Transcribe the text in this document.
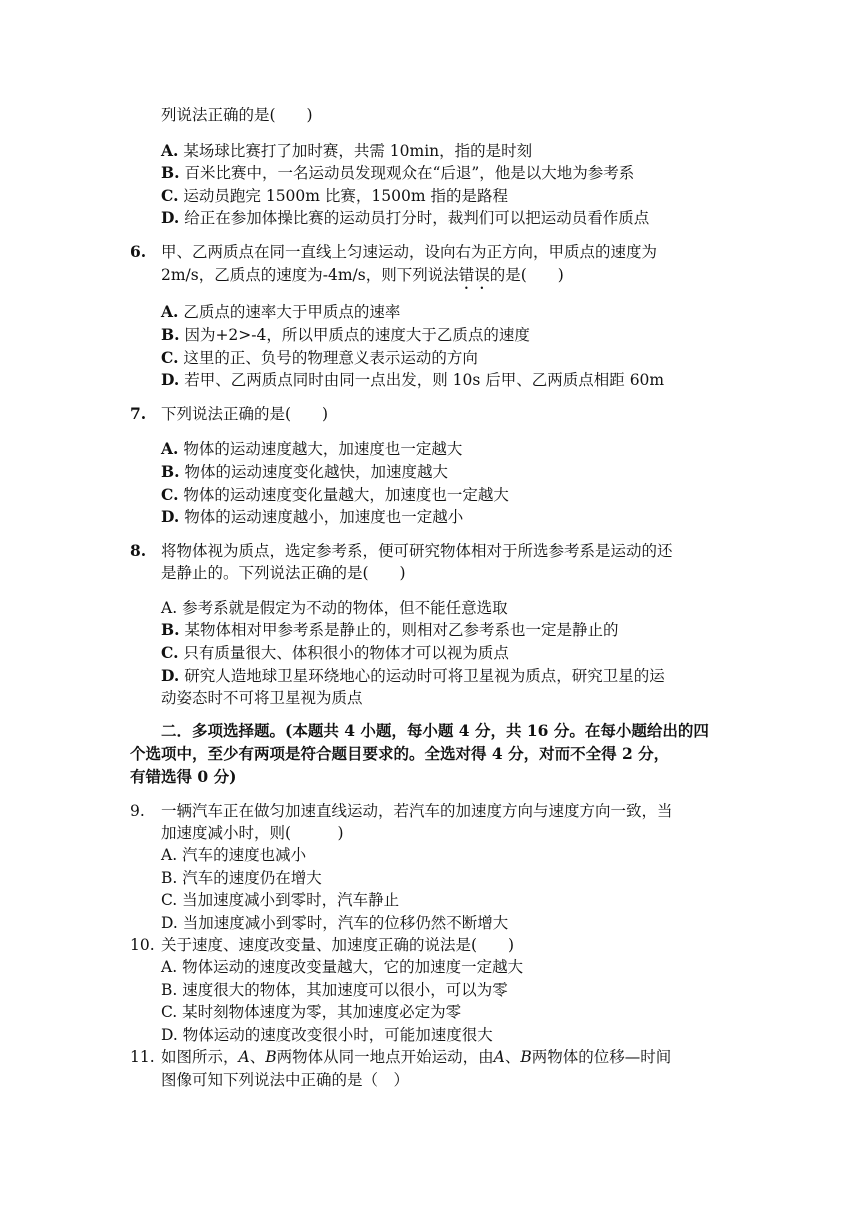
列说法正确的是(　　)
A. 某场球比赛打了加时赛，共需 10min，指的是时刻
B. 百米比赛中，一名运动员发现观众在“后退”，他是以大地为参考系
C. 运动员跑完 1500m 比赛，1500m 指的是路程
D. 给正在参加体操比赛的运动员打分时，裁判们可以把运动员看作质点
6. 甲、乙两质点在同一直线上匀速运动，设向右为正方向，甲质点的速度为
2m/s，乙质点的速度为-4m/s，则下列说法错误的是(　　)
A. 乙质点的速率大于甲质点的速率
B. 因为+2>-4，所以甲质点的速度大于乙质点的速度
C. 这里的正、负号的物理意义表示运动的方向
D. 若甲、乙两质点同时由同一点出发，则 10s 后甲、乙两质点相距 60m
7. 下列说法正确的是(　　)
A. 物体的运动速度越大，加速度也一定越大
B. 物体的运动速度变化越快，加速度越大
C. 物体的运动速度变化量越大，加速度也一定越大
D. 物体的运动速度越小，加速度也一定越小
8. 将物体视为质点，选定参考系，便可研究物体相对于所选参考系是运动的还
是静止的。下列说法正确的是(　　)
A. 参考系就是假定为不动的物体，但不能任意选取
B. 某物体相对甲参考系是静止的，则相对乙参考系也一定是静止的
C. 只有质量很大、体积很小的物体才可以视为质点
D. 研究人造地球卫星环绕地心的运动时可将卫星视为质点，研究卫星的运
动姿态时不可将卫星视为质点
二．多项选择题。(本题共 4 小题，每小题 4 分，共 16 分。在每小题给出的四
个选项中，至少有两项是符合题目要求的。全选对得 4 分，对而不全得 2 分，
有错选得 0 分)
9. 一辆汽车正在做匀加速直线运动，若汽车的加速度方向与速度方向一致，当
加速度减小时，则(　　　)
A. 汽车的速度也减小
B. 汽车的速度仍在增大
C. 当加速度减小到零时，汽车静止
D. 当加速度减小到零时，汽车的位移仍然不断增大
10. 关于速度、速度改变量、加速度正确的说法是(　　)
A. 物体运动的速度改变量越大，它的加速度一定越大
B. 速度很大的物体，其加速度可以很小，可以为零
C. 某时刻物体速度为零，其加速度必定为零
D. 物体运动的速度改变很小时，可能加速度很大
11. 如图所示，A、B两物体从同一地点开始运动，由A、B两物体的位移—时间
图像可知下列说法中正确的是（　）
